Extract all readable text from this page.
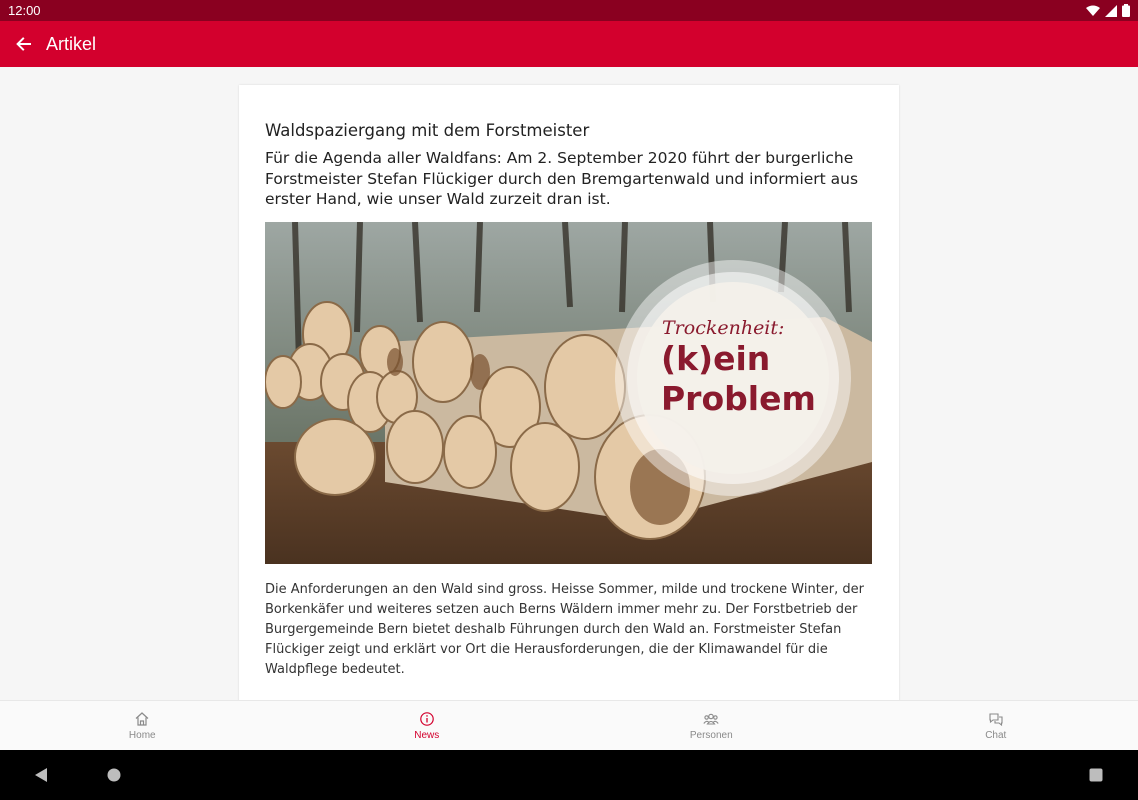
12:00
Artikel
Waldspaziergang mit dem Forstmeister

Für die Agenda aller Waldfans: Am 2. September 2020 führt der burgerliche Forstmeister Stefan Flückiger durch den Bremgartenwald und informiert aus erster Hand, wie unser Wald zurzeit dran ist.

Trockenheit:
(k)ein
Problem

Die Anforderungen an den Wald sind gross. Heisse Sommer, milde und trockene Winter, der Borkenkäfer und weiteres setzen auch Berns Wäldern immer mehr zu. Der Forstbetrieb der Burgergemeinde Bern bietet deshalb Führungen durch den Wald an. Forstmeister Stefan Flückiger zeigt und erklärt vor Ort die Herausforderungen, die der Klimawandel für die Waldpflege bedeutet.

Home	News	Personen	Chat
